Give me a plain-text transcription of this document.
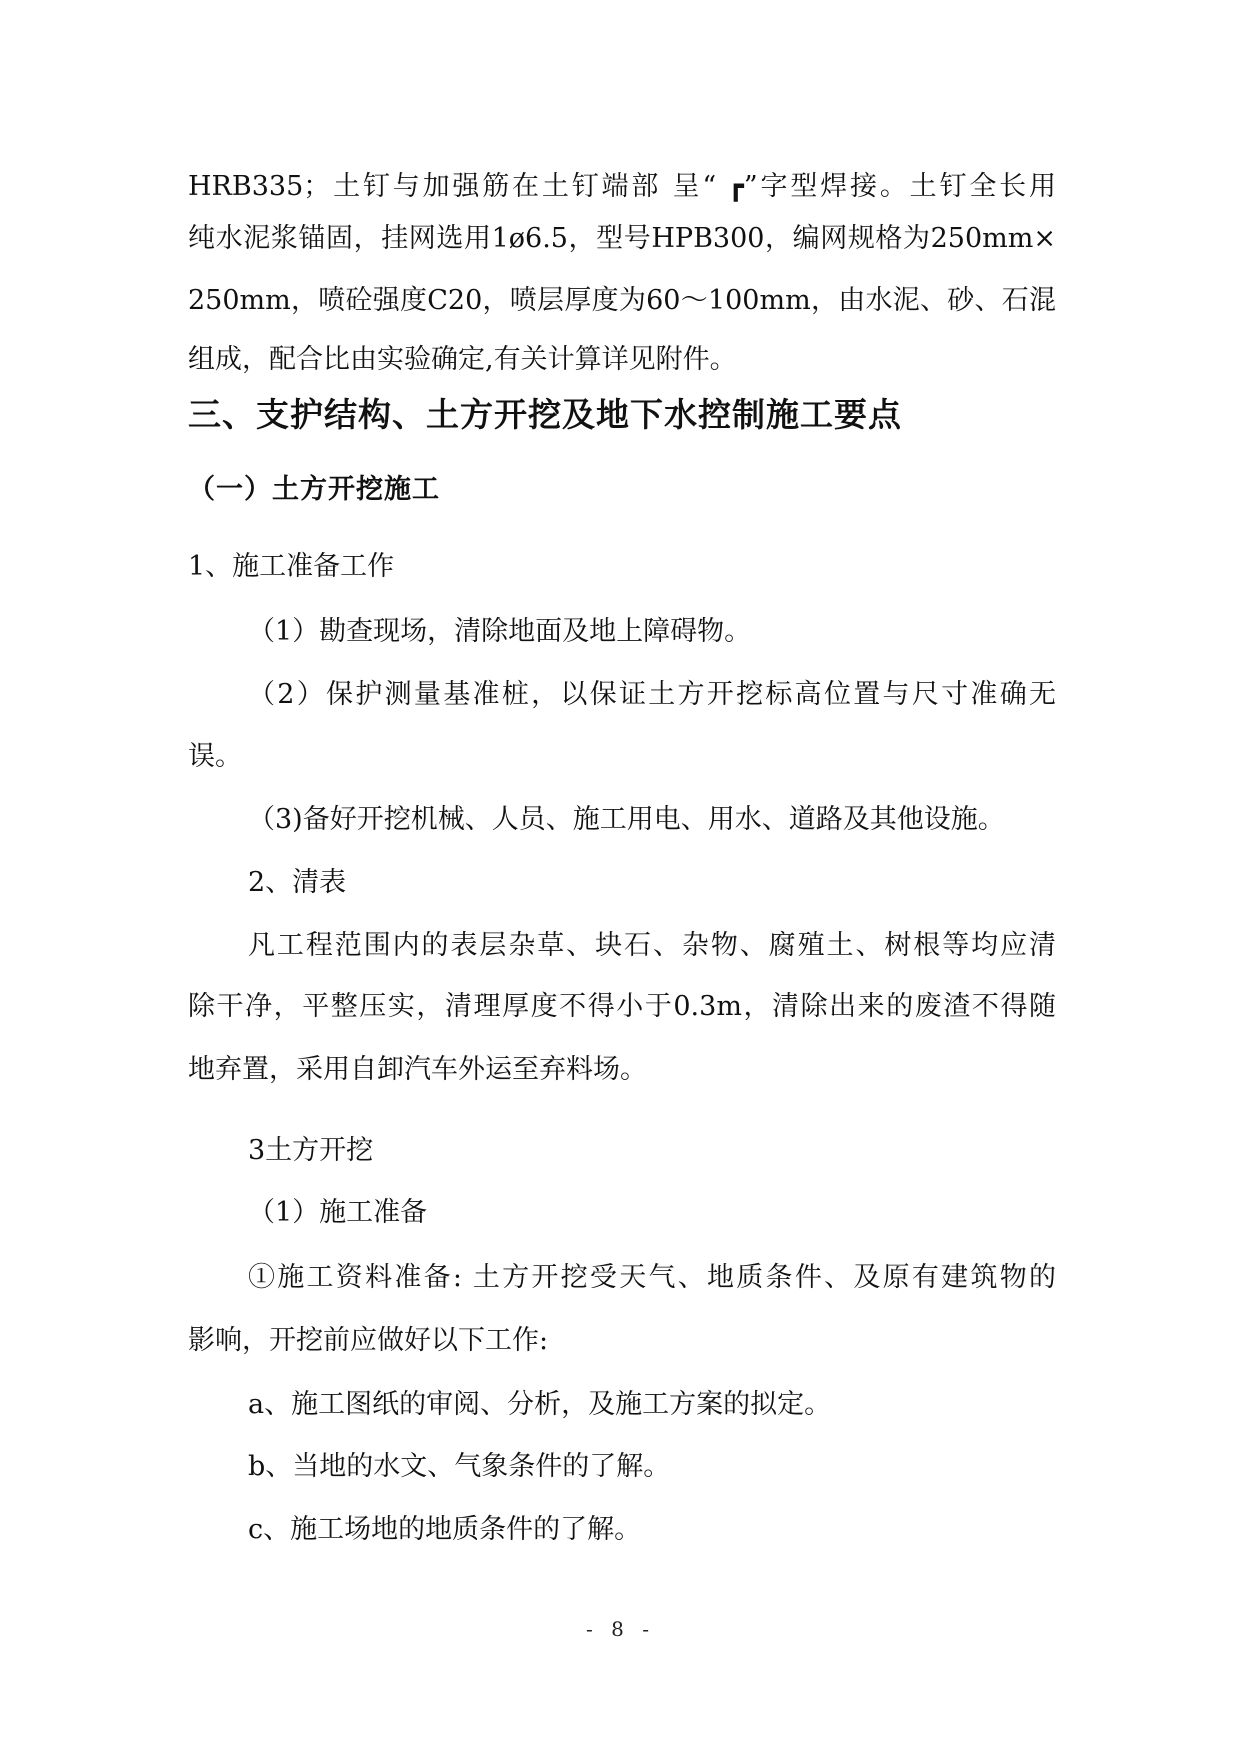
HRB335；土钉与加强筋在土钉端部 呈“ ┏”字型焊接。土钉全长用
纯水泥浆锚固，挂网选用1ø6.5，型号HPB300，编网规格为250mm×
250mm，喷砼强度C20，喷层厚度为60～100mm，由水泥、砂、石混
组成，配合比由实验确定,有关计算详见附件。
三、支护结构、土方开挖及地下水控制施工要点
（一）土方开挖施工
1、施工准备工作
（1）勘查现场，清除地面及地上障碍物。
（2）保护测量基准桩，以保证土方开挖标高位置与尺寸准确无
误。
（3)备好开挖机械、人员、施工用电、用水、道路及其他设施。
2、清表
凡工程范围内的表层杂草、块石、杂物、腐殖土、树根等均应清
除干净，平整压实，清理厚度不得小于0.3m，清除出来的废渣不得随
地弃置，采用自卸汽车外运至弃料场。
3土方开挖
（1）施工准备
①施工资料准备: 土方开挖受天气、地质条件、及原有建筑物的
影响，开挖前应做好以下工作:
a、施工图纸的审阅、分析，及施工方案的拟定。
b、当地的水文、气象条件的了解。
c、施工场地的地质条件的了解。
- 8 -
